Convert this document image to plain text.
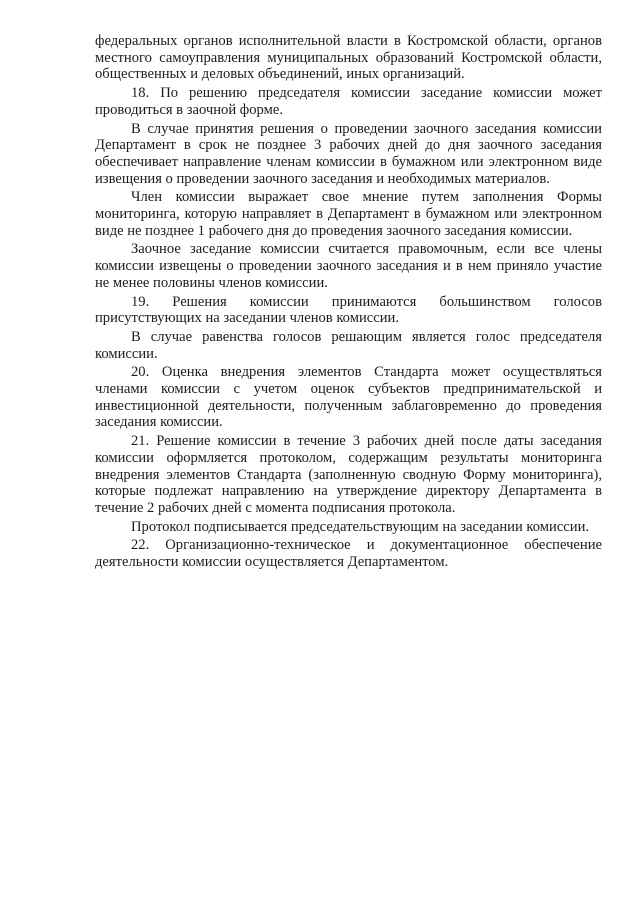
федеральных органов исполнительной власти в Костромской области, органов местного самоуправления муниципальных образований Костромской области, общественных и деловых объединений, иных организаций.

18. По решению председателя комиссии заседание комиссии может проводиться в заочной форме.

В случае принятия решения о проведении заочного заседания комиссии Департамент в срок не позднее 3 рабочих дней до дня заочного заседания обеспечивает направление членам комиссии в бумажном или электронном виде извещения о проведении заочного заседания и необходимых материалов.

Член комиссии выражает свое мнение путем заполнения Формы мониторинга, которую направляет в Департамент в бумажном или электронном виде не позднее 1 рабочего дня до проведения заочного заседания комиссии.

Заочное заседание комиссии считается правомочным, если все члены комиссии извещены о проведении заочного заседания и в нем приняло участие не менее половины членов комиссии.

19. Решения комиссии принимаются большинством голосов присутствующих на заседании членов комиссии.

В случае равенства голосов решающим является голос председателя комиссии.

20. Оценка внедрения элементов Стандарта может осуществляться членами комиссии с учетом оценок субъектов предпринимательской и инвестиционной деятельности, полученным заблаговременно до проведения заседания комиссии.

21. Решение комиссии в течение 3 рабочих дней после даты заседания комиссии оформляется протоколом, содержащим результаты мониторинга внедрения элементов Стандарта (заполненную сводную Форму мониторинга), которые подлежат направлению на утверждение директору Департамента в течение 2 рабочих дней с момента подписания протокола.

Протокол подписывается председательствующим на заседании комиссии.

22. Организационно-техническое и документационное обеспечение деятельности комиссии осуществляется Департаментом.
